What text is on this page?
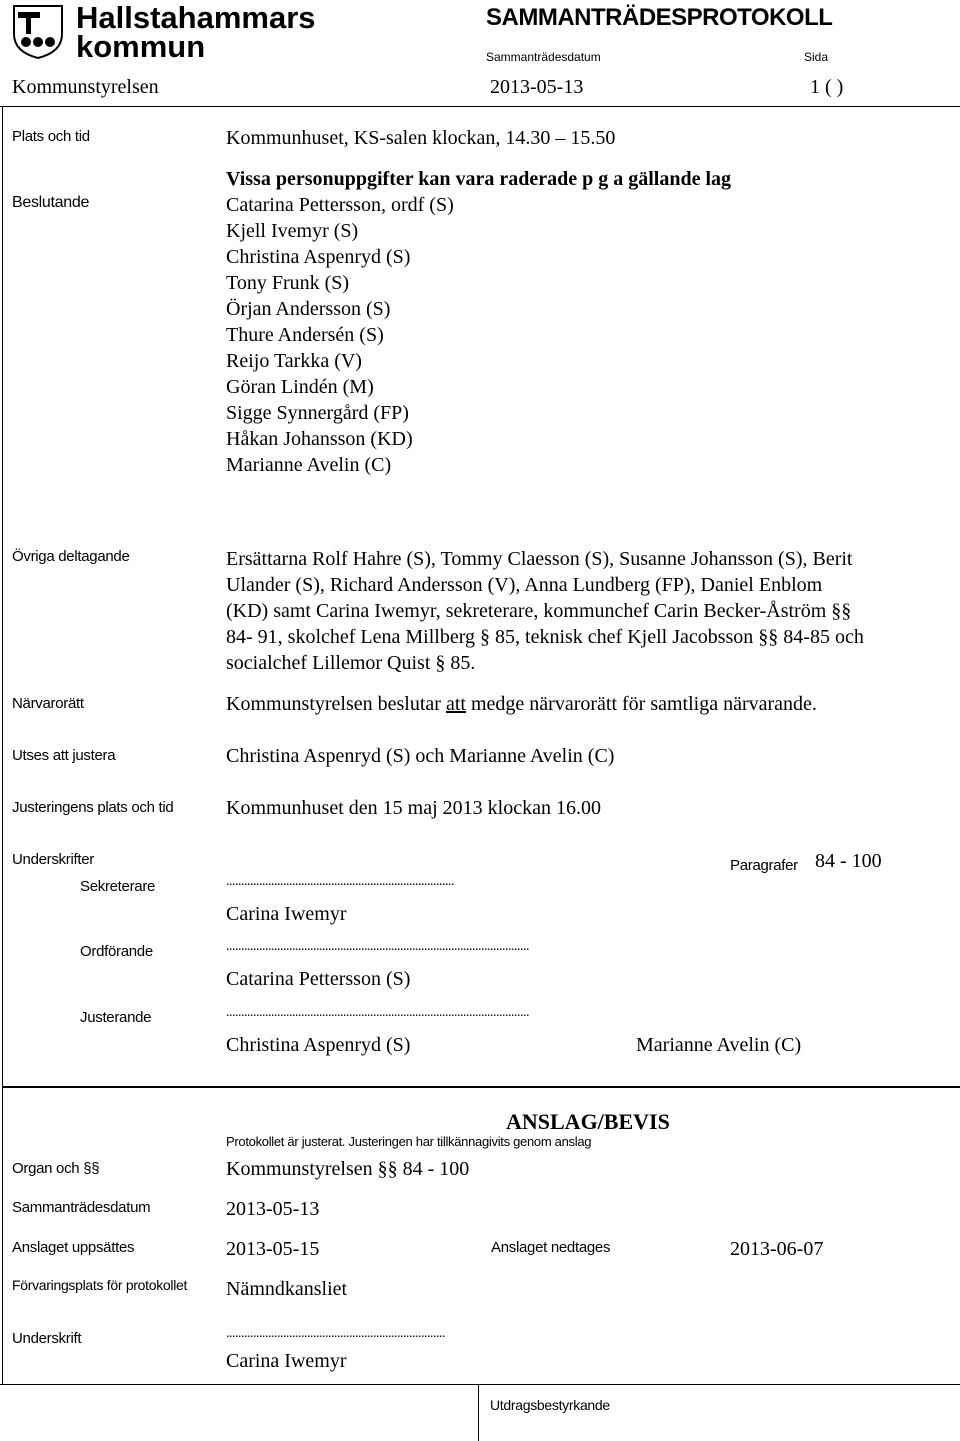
Hallstahammars
kommun
SAMMANTRÄDESPROTOKOLL
Sammanträdesdatum	Sida
Kommunstyrelsen	2013-05-13	1 ( )
Plats och tid	Kommunhuset, KS-salen klockan, 14.30 – 15.50
Beslutande
Vissa personuppgifter kan vara raderade p g a gällande lag
Catarina Pettersson, ordf (S)
Kjell Ivemyr (S)
Christina Aspenryd (S)
Tony Frunk (S)
Örjan Andersson (S)
Thure Andersén (S)
Reijo Tarkka (V)
Göran Lindén (M)
Sigge Synnergård (FP)
Håkan Johansson (KD)
Marianne Avelin (C)
Övriga deltagande	Ersättarna Rolf Hahre (S), Tommy Claesson (S), Susanne Johansson (S), Berit
Ulander (S), Richard Andersson (V), Anna Lundberg (FP), Daniel Enblom
(KD) samt Carina Iwemyr, sekreterare, kommunchef Carin Becker-Åström §§
84- 91, skolchef Lena Millberg § 85, teknisk chef Kjell Jacobsson §§ 84-85 och
socialchef Lillemor Quist § 85.
Närvarorätt	Kommunstyrelsen beslutar att medge närvarorätt för samtliga närvarande.
Utses att justera	Christina Aspenryd (S) och Marianne Avelin (C)
Justeringens plats och tid	Kommunhuset den 15 maj 2013 klockan 16.00
Underskrifter	Paragrafer 84 - 100
Sekreterare	............................................................................
Carina Iwemyr
Ordförande	.....................................................................................................
Catarina Pettersson (S)
Justerande	.....................................................................................................
Christina Aspenryd (S)	Marianne Avelin (C)
ANSLAG/BEVIS
Protokollet är justerat. Justeringen har tillkännagivits genom anslag
Organ och §§	Kommunstyrelsen §§ 84 - 100
Sammanträdesdatum	2013-05-13
Anslaget uppsättes	2013-05-15	Anslaget nedtages	2013-06-07
Förvaringsplats för protokollet Nämndkansliet
Underskrift	.........................................................................
Carina Iwemyr
Utdragsbestyrkande
